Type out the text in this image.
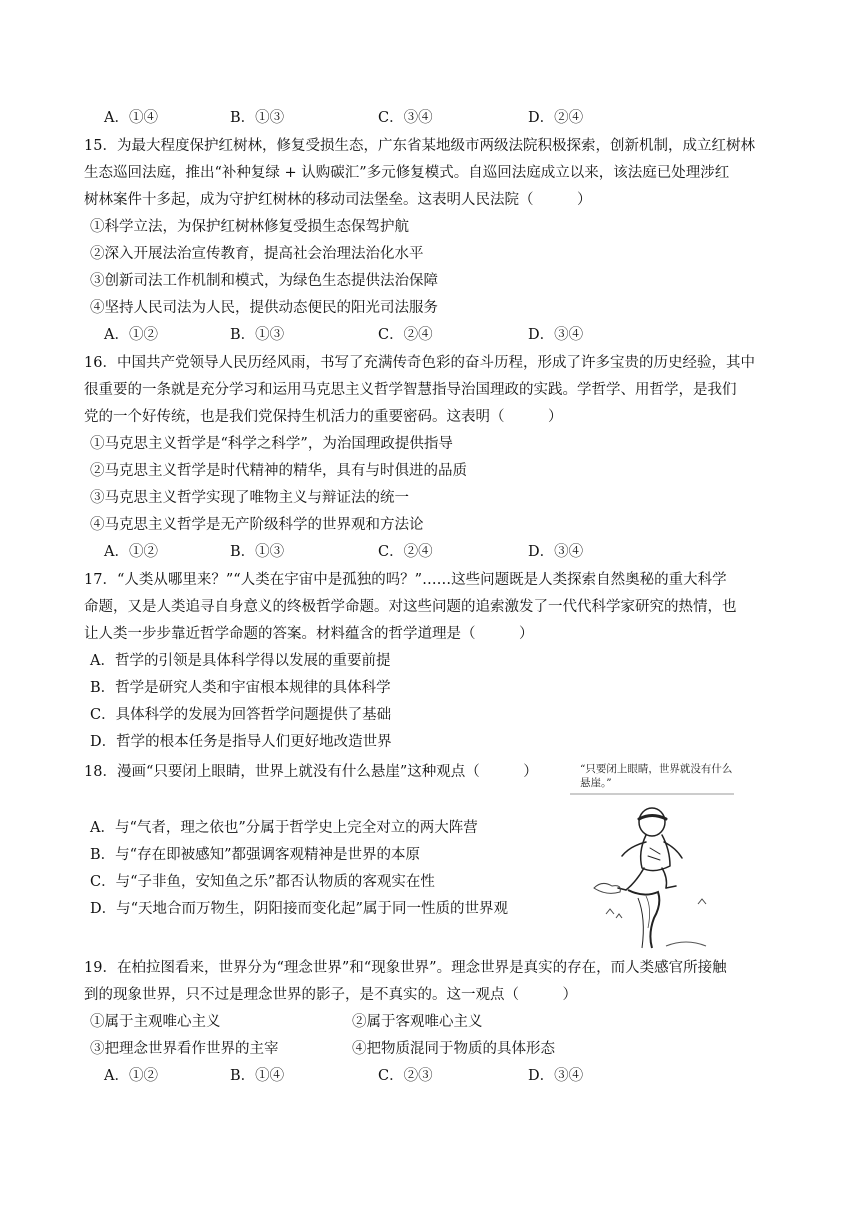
A．①④	B．①③	C．③④	D．②④
15．为最大程度保护红树林，修复受损生态，广东省某地级市两级法院积极探索，创新机制，成立红树林
生态巡回法庭，推出“补种复绿 + 认购碳汇”多元修复模式。自巡回法庭成立以来，该法庭已处理涉红
树林案件十多起，成为守护红树林的移动司法堡垒。这表明人民法院（　　　）
①科学立法，为保护红树林修复受损生态保驾护航
②深入开展法治宣传教育，提高社会治理法治化水平
③创新司法工作机制和模式，为绿色生态提供法治保障
④坚持人民司法为人民，提供动态便民的阳光司法服务
A．①②	B．①③	C．②④	D．③④
16．中国共产党领导人民历经风雨，书写了充满传奇色彩的奋斗历程，形成了许多宝贵的历史经验，其中
很重要的一条就是充分学习和运用马克思主义哲学智慧指导治国理政的实践。学哲学、用哲学，是我们
党的一个好传统，也是我们党保持生机活力的重要密码。这表明（　　　）
①马克思主义哲学是“科学之科学”，为治国理政提供指导
②马克思主义哲学是时代精神的精华，具有与时俱进的品质
③马克思主义哲学实现了唯物主义与辩证法的统一
④马克思主义哲学是无产阶级科学的世界观和方法论
A．①②	B．①③	C．②④	D．③④
17．“人类从哪里来？”“人类在宇宙中是孤独的吗？”……这些问题既是人类探索自然奥秘的重大科学
命题，又是人类追寻自身意义的终极哲学命题。对这些问题的追索激发了一代代科学家研究的热情，也
让人类一步步靠近哲学命题的答案。材料蕴含的哲学道理是（　　　）
A．哲学的引领是具体科学得以发展的重要前提
B．哲学是研究人类和宇宙根本规律的具体科学
C．具体科学的发展为回答哲学问题提供了基础
D．哲学的根本任务是指导人们更好地改造世界
18．漫画“只要闭上眼睛，世界上就没有什么悬崖”这种观点（　　　）
A．与“气者，理之依也”分属于哲学史上完全对立的两大阵营
B．与“存在即被感知”都强调客观精神是世界的本原
C．与“子非鱼，安知鱼之乐”都否认物质的客观实在性
D．与“天地合而万物生，阴阳接而变化起”属于同一性质的世界观
“只要闭上眼睛，世界就没有什么悬崖。”
19．在柏拉图看来，世界分为“理念世界”和“现象世界”。理念世界是真实的存在，而人类感官所接触
到的现象世界，只不过是理念世界的影子，是不真实的。这一观点（　　　）
①属于主观唯心主义	②属于客观唯心主义
③把理念世界看作世界的主宰	④把物质混同于物质的具体形态
A．①②	B．①④	C．②③	D．③④
